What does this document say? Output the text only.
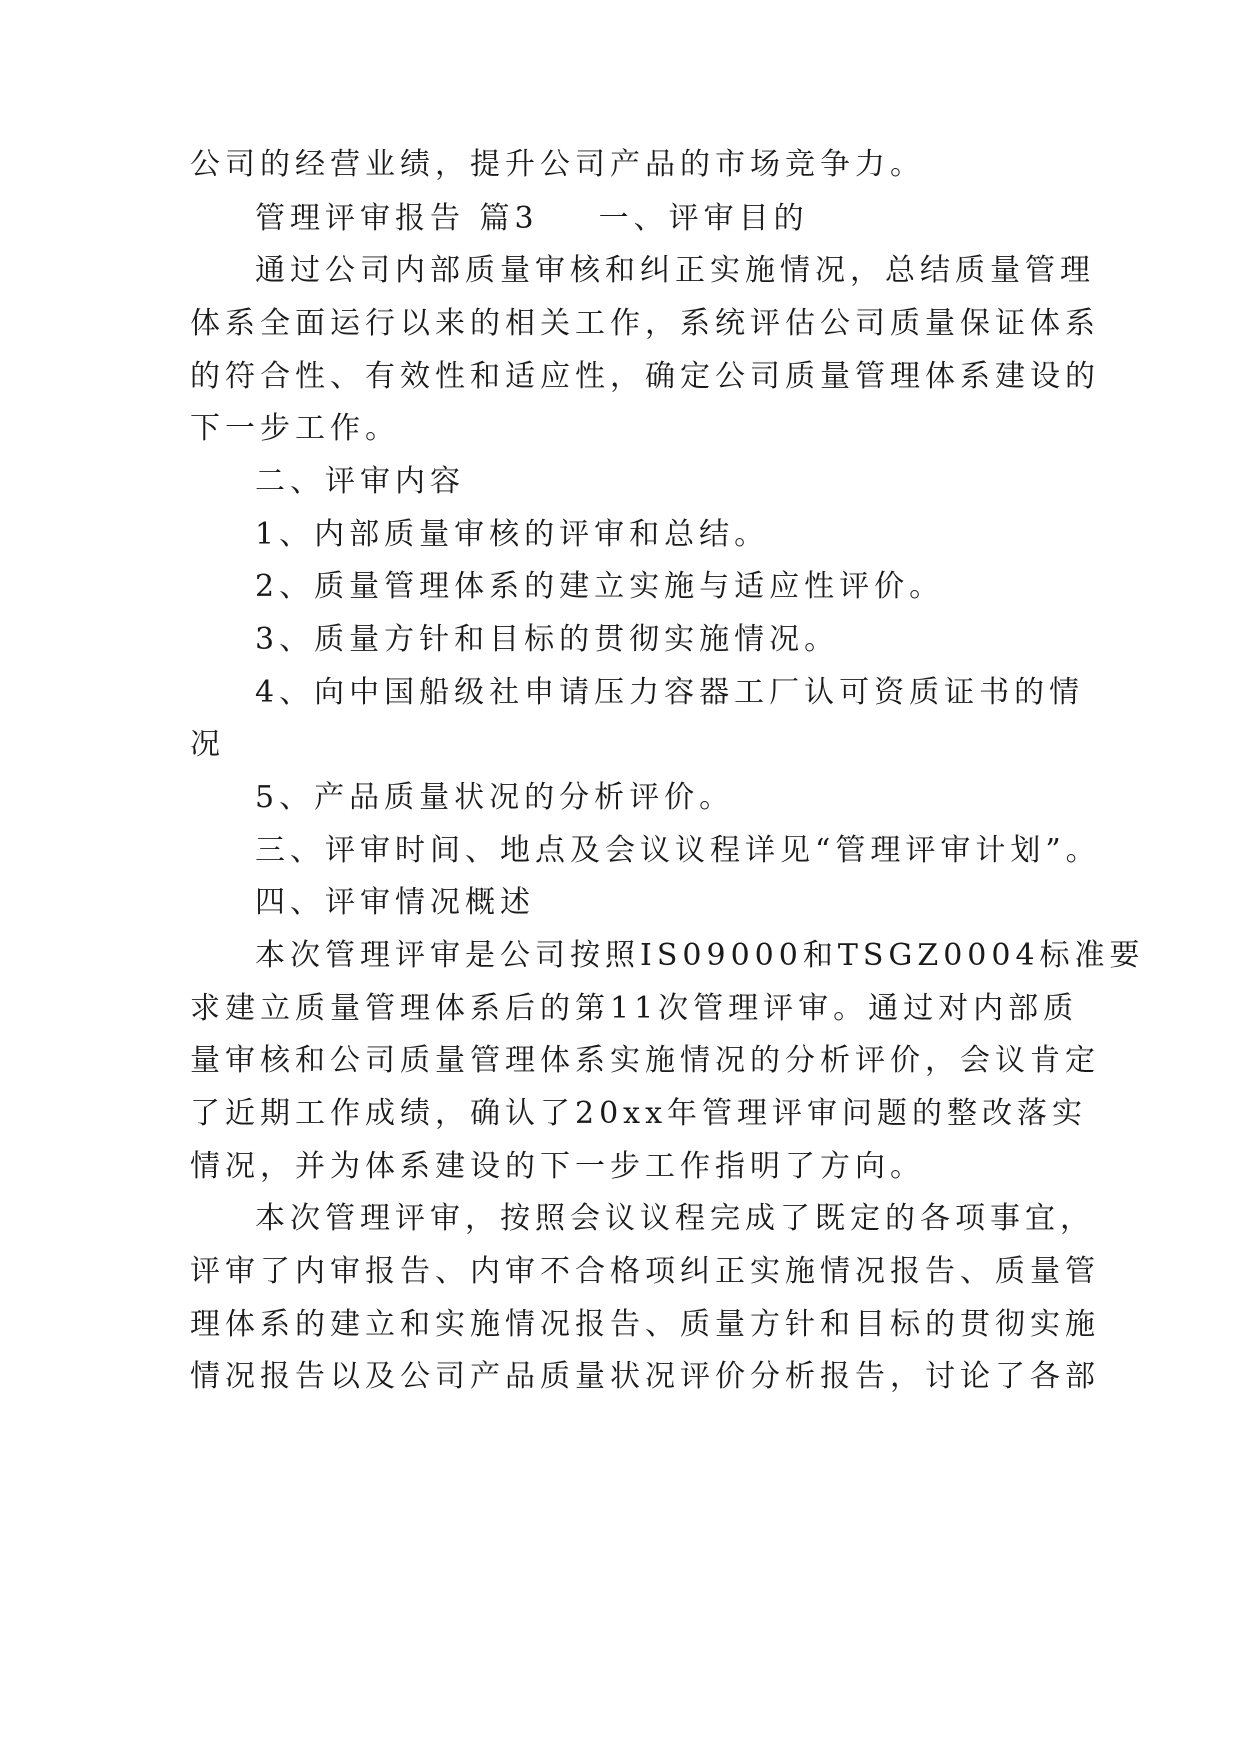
公司的经营业绩，提升公司产品的市场竞争力。
管理评审报告 篇3 一、评审目的
通过公司内部质量审核和纠正实施情况，总结质量管理
体系全面运行以来的相关工作，系统评估公司质量保证体系
的符合性、有效性和适应性，确定公司质量管理体系建设的
下一步工作。
二、评审内容
1、内部质量审核的评审和总结。
2、质量管理体系的建立实施与适应性评价。
3、质量方针和目标的贯彻实施情况。
4、向中国船级社申请压力容器工厂认可资质证书的情
况
5、产品质量状况的分析评价。
三、评审时间、地点及会议议程详见“管理评审计划”。
四、评审情况概述
本次管理评审是公司按照IS09000和TSGZ0004标准要
求建立质量管理体系后的第11次管理评审。通过对内部质
量审核和公司质量管理体系实施情况的分析评价，会议肯定
了近期工作成绩，确认了20xx年管理评审问题的整改落实
情况，并为体系建设的下一步工作指明了方向。
本次管理评审，按照会议议程完成了既定的各项事宜，
评审了内审报告、内审不合格项纠正实施情况报告、质量管
理体系的建立和实施情况报告、质量方针和目标的贯彻实施
情况报告以及公司产品质量状况评价分析报告，讨论了各部
